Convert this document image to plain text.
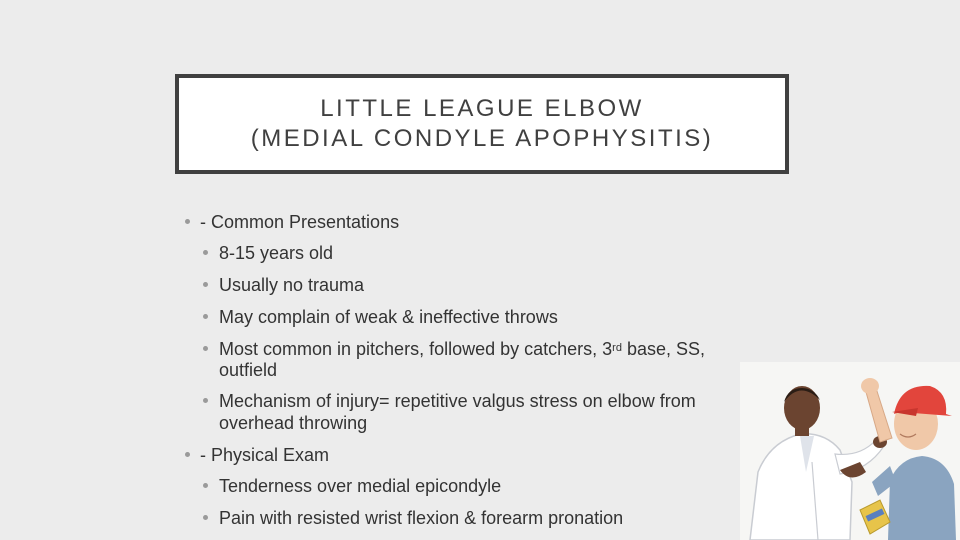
LITTLE LEAGUE ELBOW
(MEDIAL CONDYLE APOPHYSITIS)
- Common Presentations
8-15 years old
Usually no trauma
May complain of weak & ineffective throws
Most common in pitchers, followed by catchers, 3rd base, SS,
outfield
Mechanism of injury= repetitive valgus stress on elbow from
overhead throwing
- Physical Exam
Tenderness over medial epicondyle
Pain with resisted wrist flexion & forearm pronation
